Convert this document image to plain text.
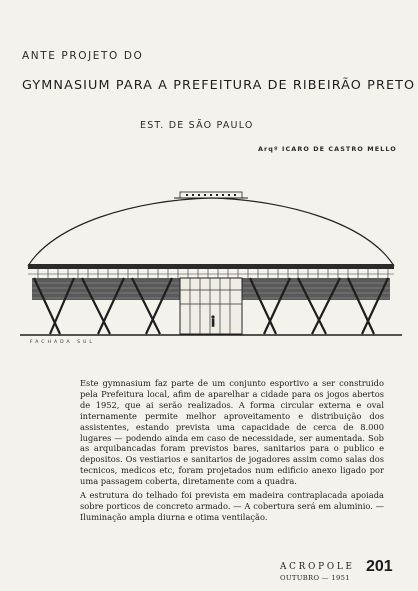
ANTE PROJETO DO
GYMNASIUM PARA A PREFEITURA DE RIBEIRÃO PRETO
EST. DE SÃO PAULO
Arqº ICARO DE CASTRO MELLO
FACHADA SUL

Este gymnasium faz parte de um conjunto esportivo a ser construido pela Prefeitura local, afim de aparelhar a cidade para os jogos abertos de 1952, que ai serão realizados. A forma circular externa e oval internamente permite melhor aproveitamento e distribuição dos assistentes, estando prevista uma capacidade de cerca de 8.000 lugares — podendo ainda em caso de necessidade, ser aumentada. Sob as arquibancadas foram previstos bares, sanitarios para o publico e depositos. Os vestiarios e sanitarios de jogadores assim como salas dos tecnicos, medicos etc, foram projetados num edificio anexo ligado por uma passagem coberta, diretamente com a quadra.

A estrutura do telhado foi prevista em madeira contraplacada apoiada sobre porticos de concreto armado. — A cobertura será em aluminio. — Iluminação ampla diurna e otima ventilação.

ACROPOLE
OUTUBRO — 1951
201
